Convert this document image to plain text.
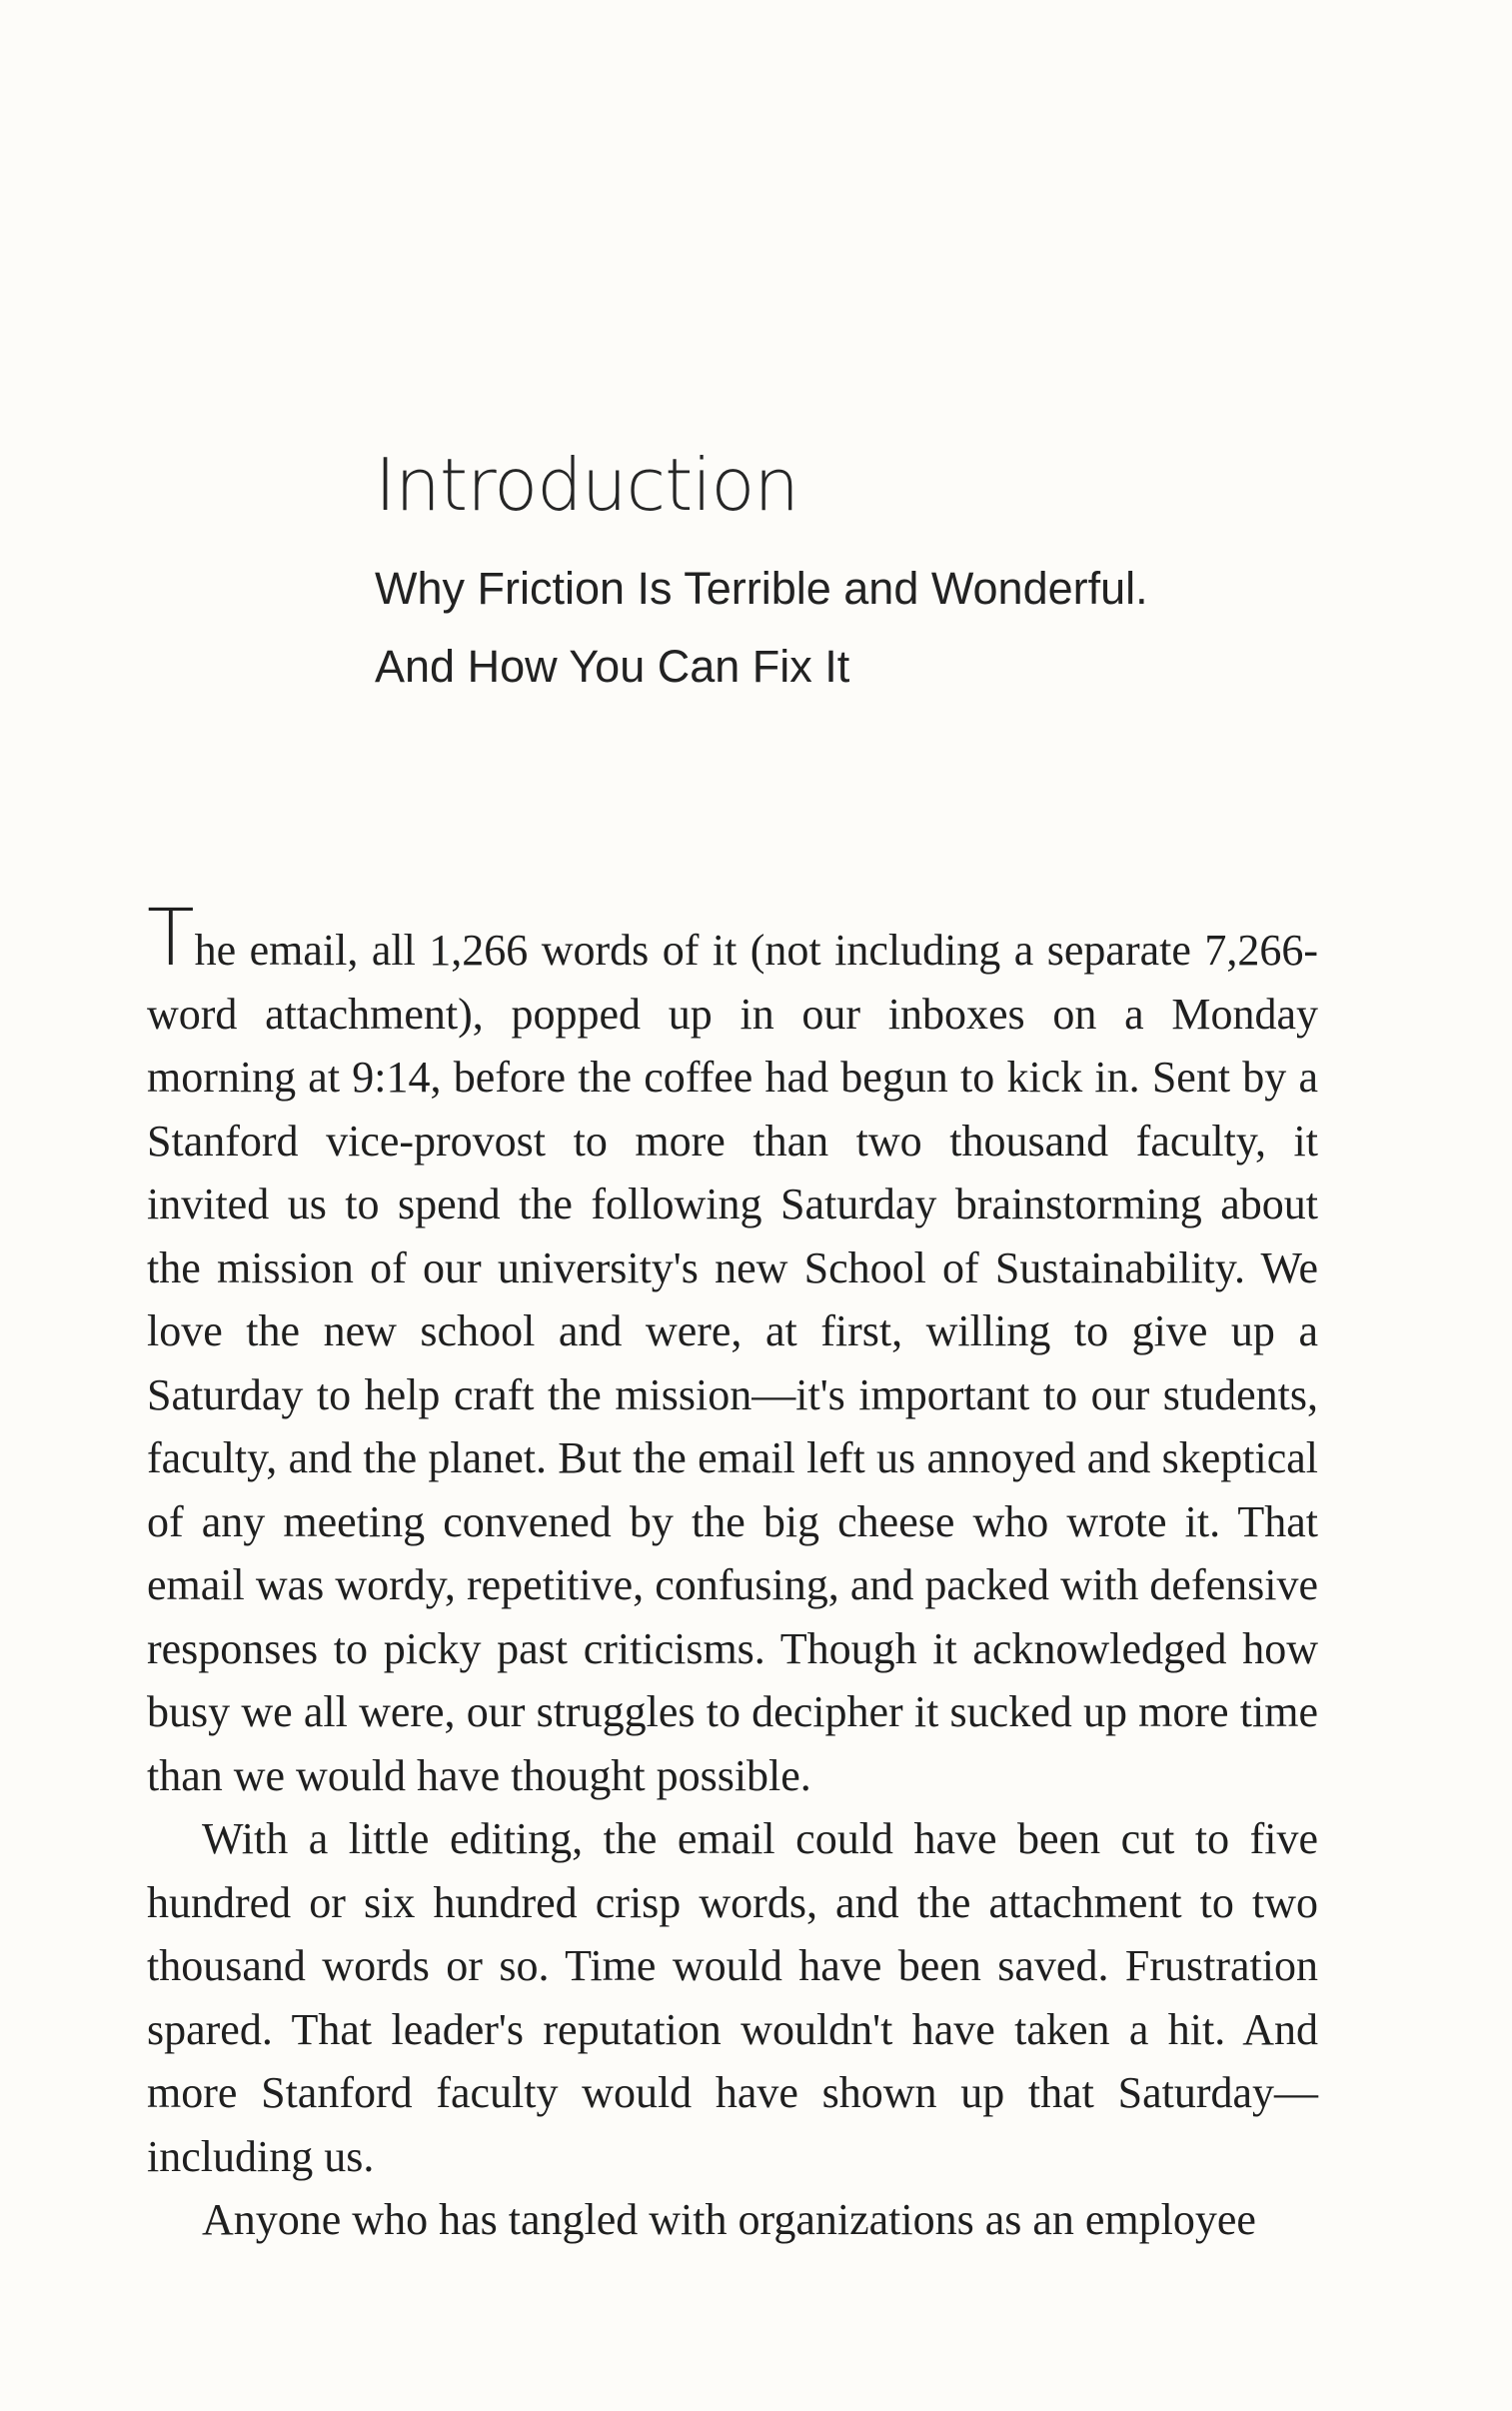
Introduction
Why Friction Is Terrible and Wonderful.
And How You Can Fix It

The email, all 1,266 words of it (not including a separate 7,266-word attachment), popped up in our inboxes on a Monday morning at 9:14, before the coffee had begun to kick in. Sent by a Stanford vice-provost to more than two thousand faculty, it invited us to spend the following Saturday brainstorming about the mission of our university's new School of Sustainability. We love the new school and were, at first, willing to give up a Saturday to help craft the mission—it's important to our students, faculty, and the planet. But the email left us annoyed and skeptical of any meeting convened by the big cheese who wrote it. That email was wordy, repetitive, confusing, and packed with defensive responses to picky past criticisms. Though it acknowledged how busy we all were, our struggles to decipher it sucked up more time than we would have thought possible.

With a little editing, the email could have been cut to five hundred or six hundred crisp words, and the attachment to two thousand words or so. Time would have been saved. Frustration spared. That leader's reputation wouldn't have taken a hit. And more Stanford faculty would have shown up that Saturday—including us.

Anyone who has tangled with organizations as an employee
